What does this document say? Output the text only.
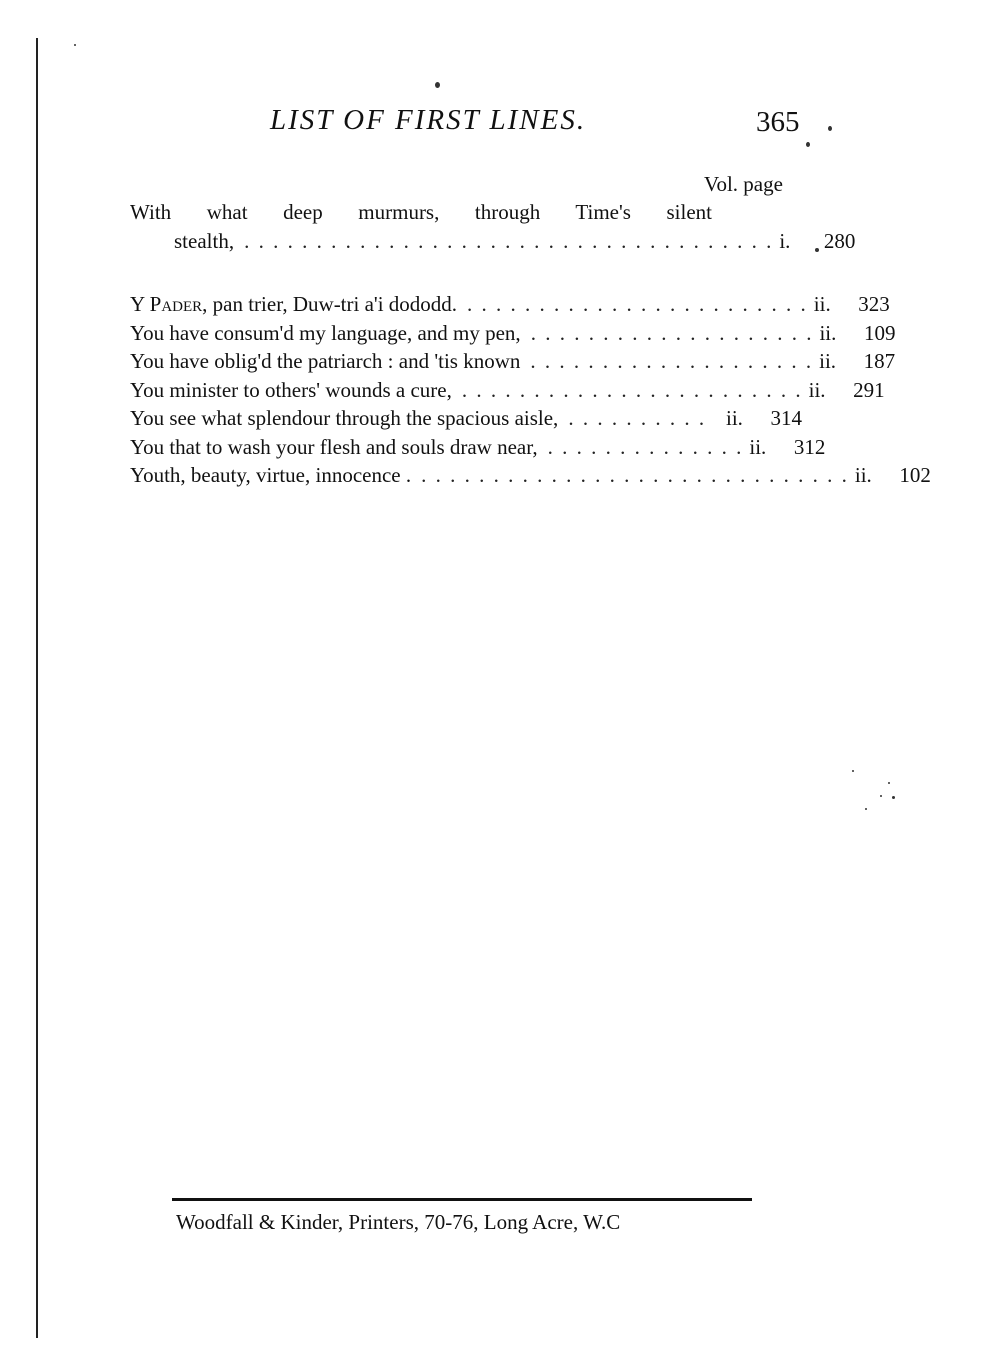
LIST OF FIRST LINES.	365
Vol. page
With what deep murmurs, through Time's silent
stealth, . . . . . . . . . . . . . . . . . . . . . . . . . . . . . . . . . . . . . i.	280
Y Pader, pan trier, Duw-tri a'i dododd. . . . . . . . . . . . . . . . . . . . . . . . . ii.	323
You have consum'd my language, and my pen, . . . . . . . . . . . . . . . . . . . . ii.	109
You have oblig'd the patriarch : and 'tis known . . . . . . . . . . . . . . . . . . . . ii.	187
You minister to others' wounds a cure, . . . . . . . . . . . . . . . . . . . . . . . . ii.	291
You see what splendour through the spacious aisle, . . . . . . . . . . ii.	314
You that to wash your flesh and souls draw near, . . . . . . . . . . . . . . ii.	312
Youth, beauty, virtue, innocence . . . . . . . . . . . . . . . . . . . . . . . . . . . . . . . ii.	102
Woodfall & Kinder, Printers, 70-76, Long Acre, W.C
